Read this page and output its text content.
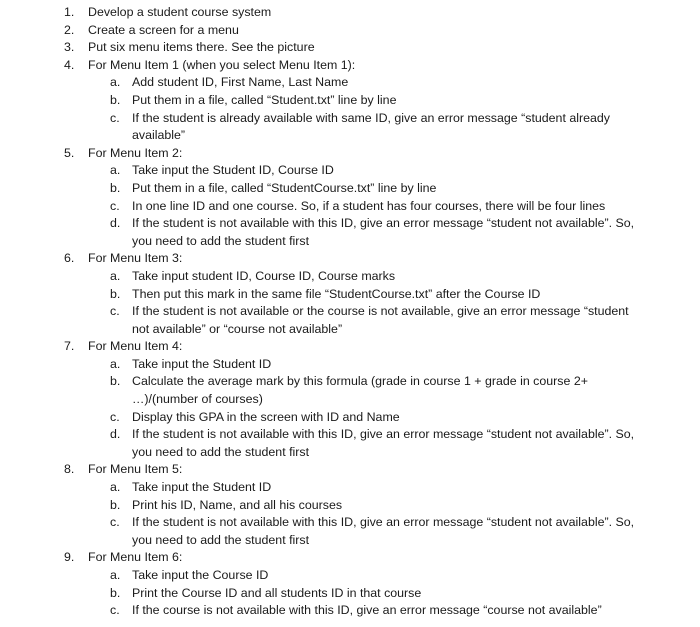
1.	Develop a student course system
2.	Create a screen for a menu
3.	Put six menu items there. See the picture
4.	For Menu Item 1 (when you select Menu Item 1):
a. Add student ID, First Name, Last Name
b. Put them in a file, called “Student.txt” line by line
c. If the student is already available with same ID, give an error message “student already
available”
5.	For Menu Item 2:
a. Take input the Student ID, Course ID
b. Put them in a file, called “StudentCourse.txt” line by line
c. In one line ID and one course. So, if a student has four courses, there will be four lines
d. If the student is not available with this ID, give an error message “student not available”. So,
you need to add the student first
6.	For Menu Item 3:
a. Take input student ID, Course ID, Course marks
b. Then put this mark in the same file “StudentCourse.txt” after the Course ID
c. If the student is not available or the course is not available, give an error message “student
not available” or “course not available”
7.	For Menu Item 4:
a. Take input the Student ID
b. Calculate the average mark by this formula (grade in course 1 + grade in course 2+
…)/(number of courses)
c. Display this GPA in the screen with ID and Name
d. If the student is not available with this ID, give an error message “student not available”. So,
you need to add the student first
8.	For Menu Item 5:
a. Take input the Student ID
b. Print his ID, Name, and all his courses
c. If the student is not available with this ID, give an error message “student not available”. So,
you need to add the student first
9.	For Menu Item 6:
a. Take input the Course ID
b. Print the Course ID and all students ID in that course
c. If the course is not available with this ID, give an error message “course not available”
